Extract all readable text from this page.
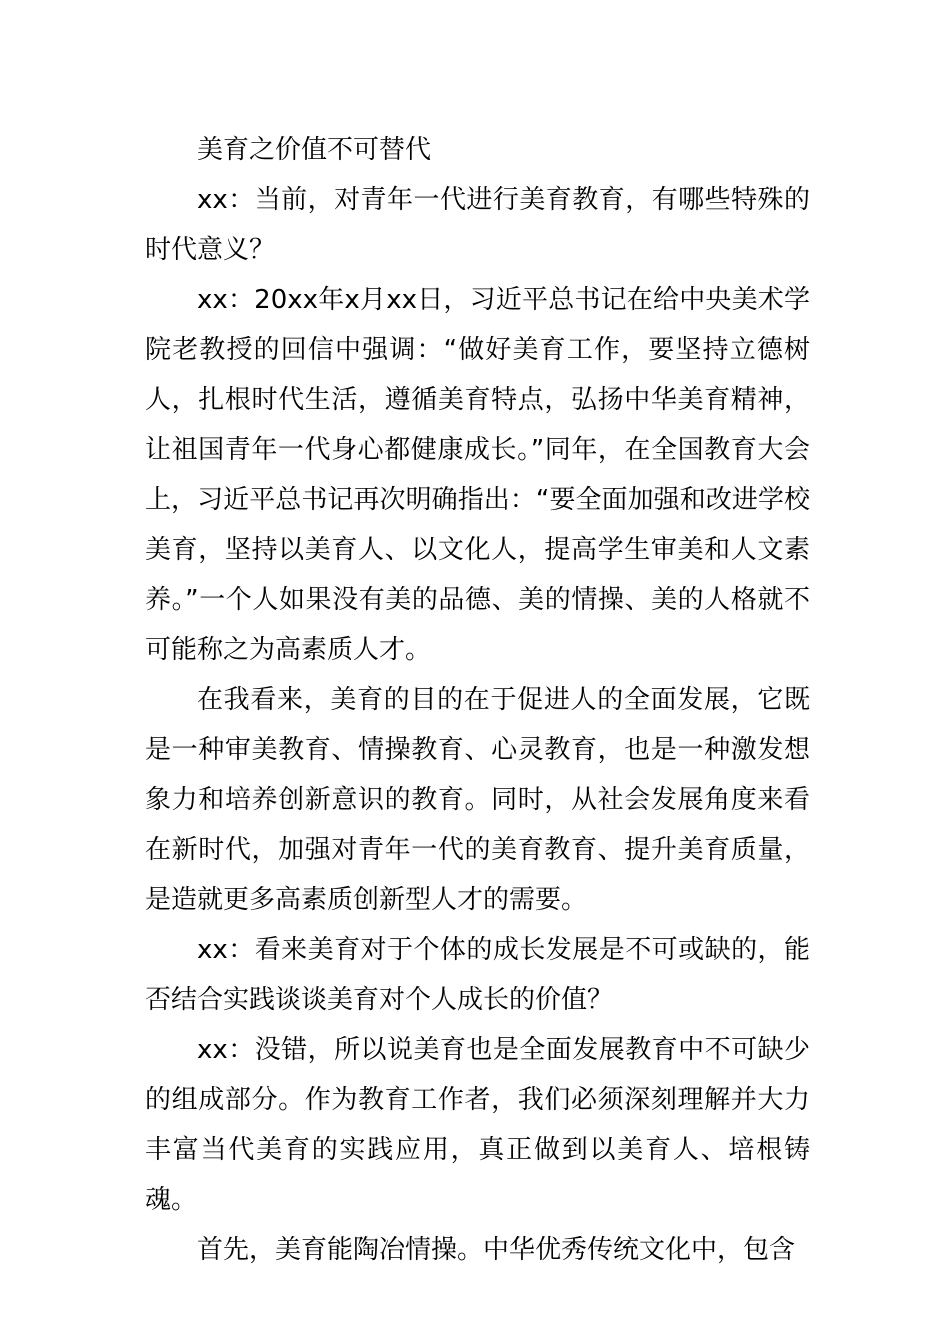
美育之价值不可替代

xx：当前，对青年一代进行美育教育，有哪些特殊的时代意义？

xx：20xx年x月xx日，习近平总书记在给中央美术学院老教授的回信中强调：“做好美育工作，要坚持立德树人，扎根时代生活，遵循美育特点，弘扬中华美育精神，让祖国青年一代身心都健康成长。”同年，在全国教育大会上，习近平总书记再次明确指出：“要全面加强和改进学校美育，坚持以美育人、以文化人，提高学生审美和人文素养。”一个人如果没有美的品德、美的情操、美的人格就不可能称之为高素质人才。

在我看来，美育的目的在于促进人的全面发展，它既是一种审美教育、情操教育、心灵教育，也是一种激发想象力和培养创新意识的教育。同时，从社会发展角度来看在新时代，加强对青年一代的美育教育、提升美育质量，是造就更多高素质创新型人才的需要。

xx：看来美育对于个体的成长发展是不可或缺的，能否结合实践谈谈美育对个人成长的价值？

xx：没错，所以说美育也是全面发展教育中不可缺少的组成部分。作为教育工作者，我们必须深刻理解并大力丰富当代美育的实践应用，真正做到以美育人、培根铸魂。

首先，美育能陶冶情操。中华优秀传统文化中，包含
